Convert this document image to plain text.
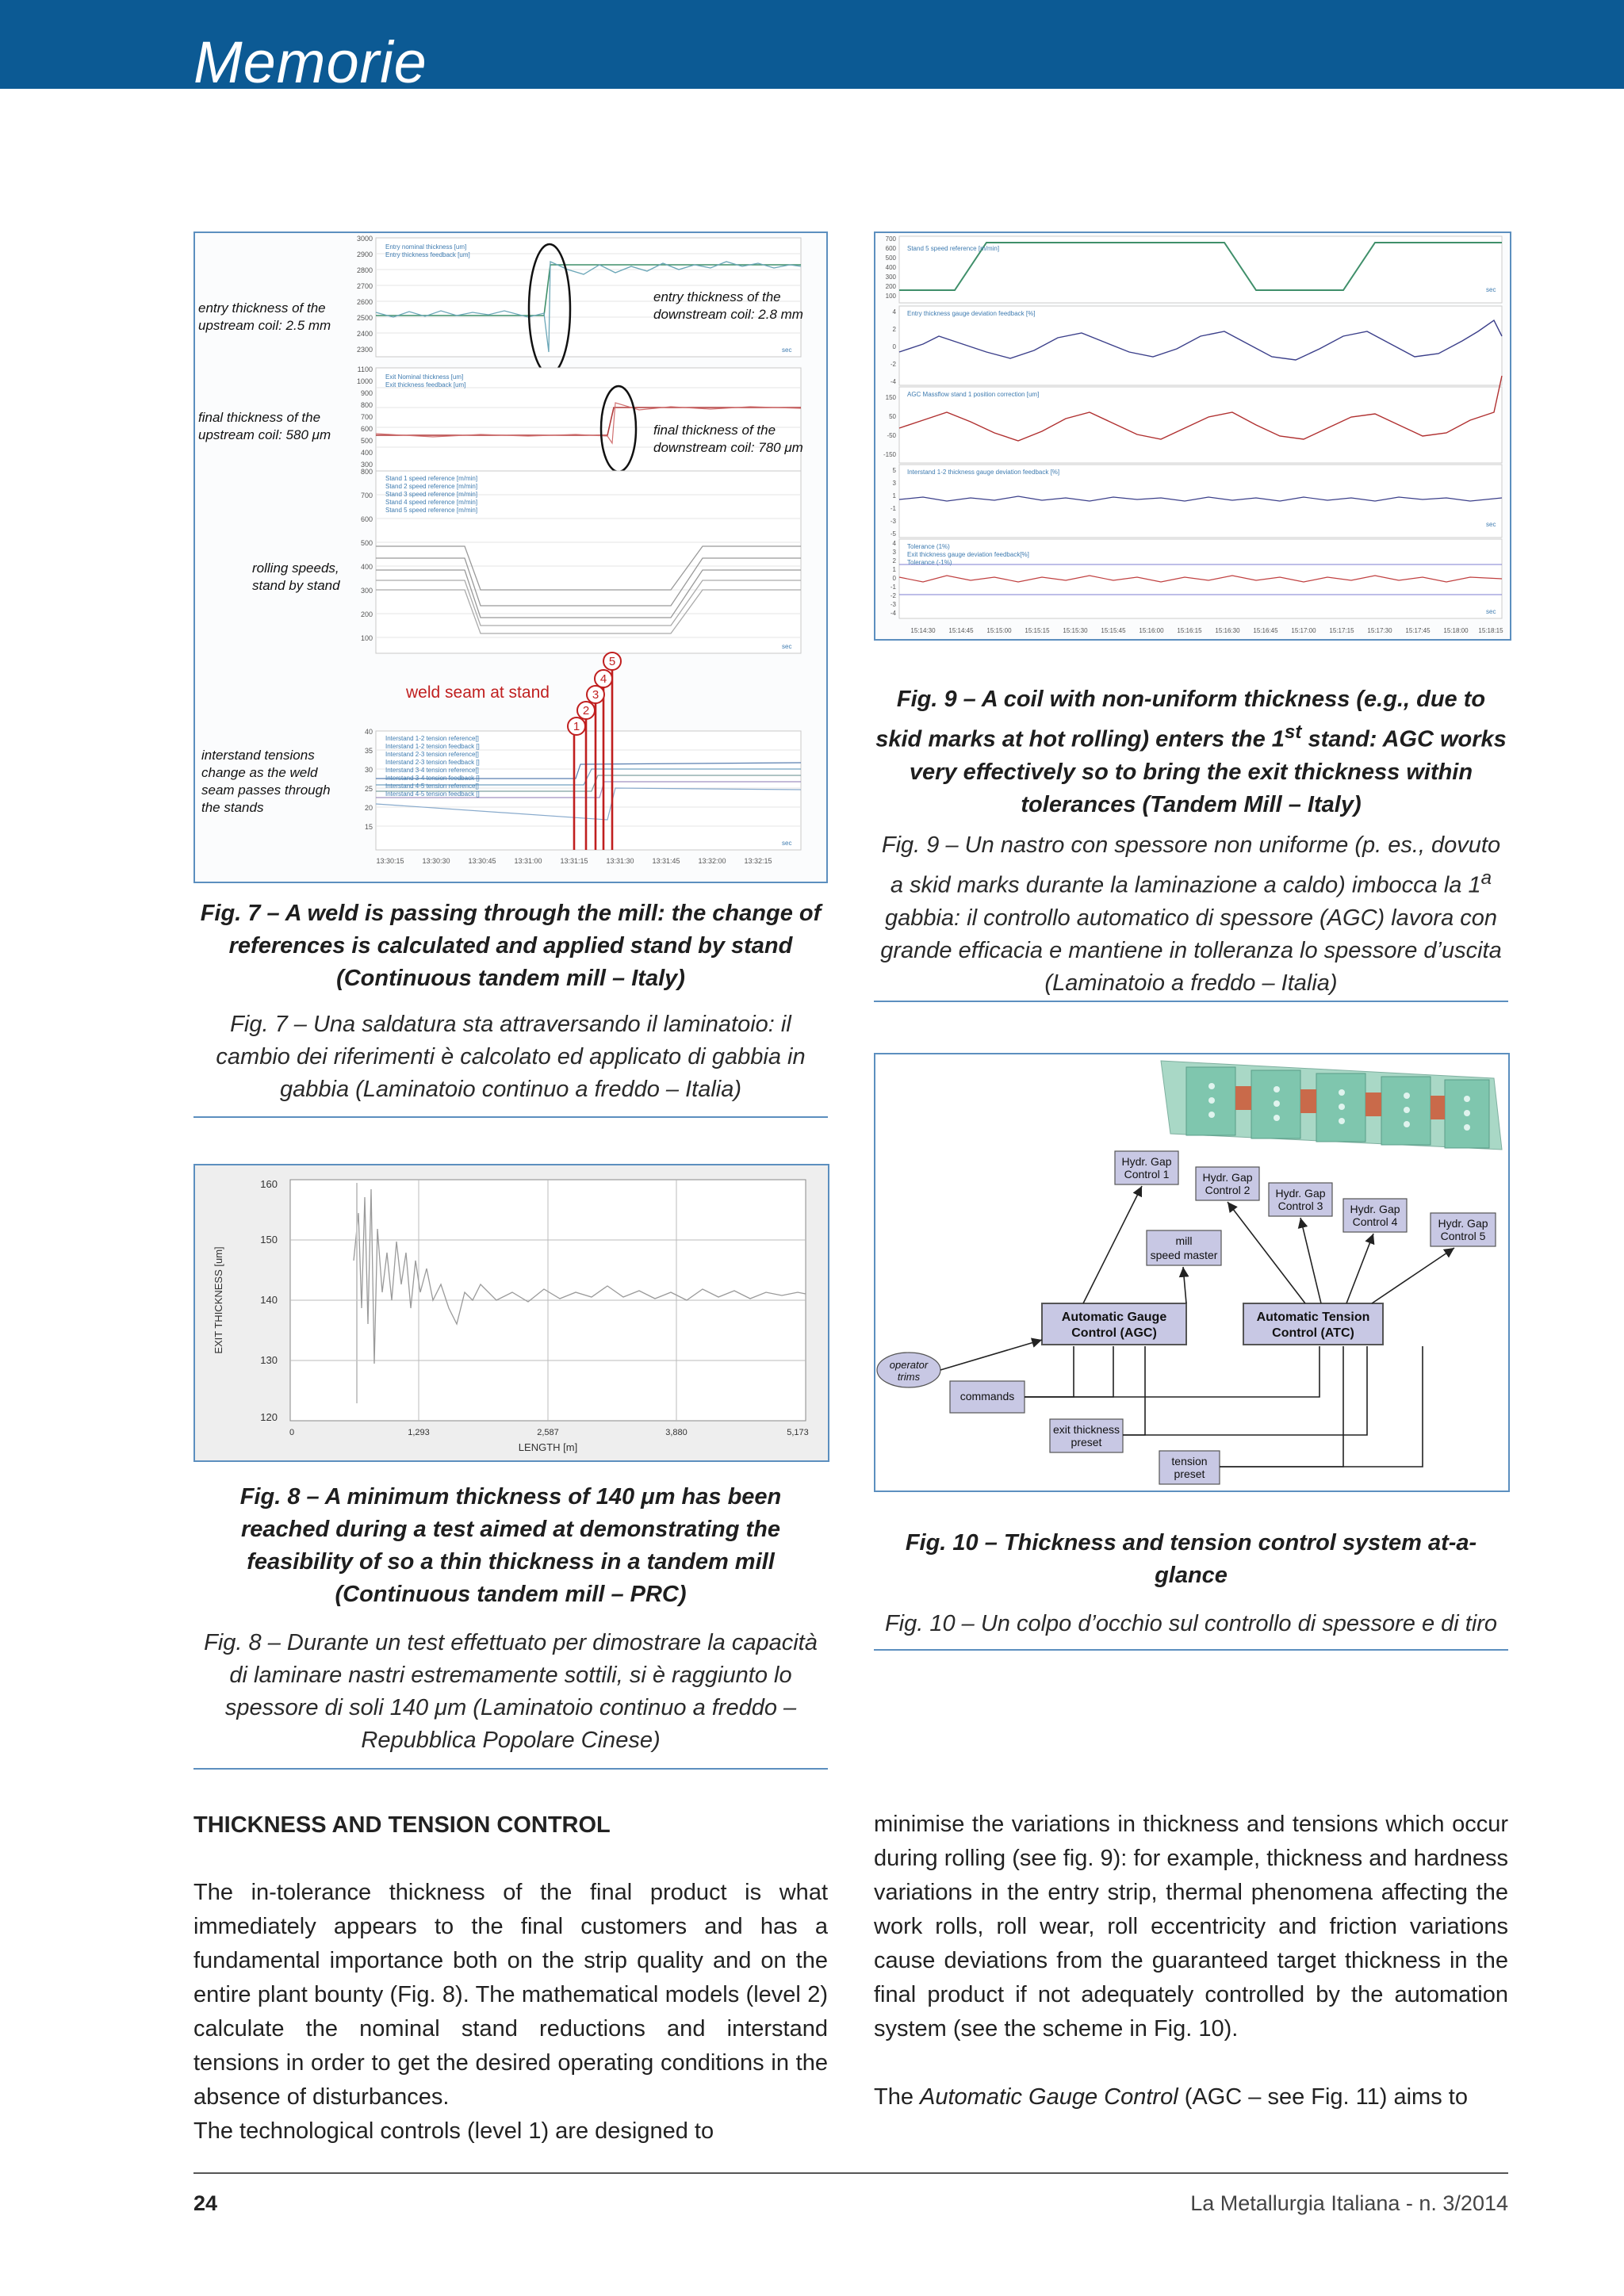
Memorie
2
3
4
5
1
3000
2900
2800
2700
2600
2500
2400
2300
1100
1000
900
800
700
600
500
400
300
800
700
600
500
400
300
200
100
40
35
30
25
20
15
Entry nominal thickness [um]
Entry thickness feedback [um]
Exit Nominal thickness [um]
Exit thickness feedback [um]
Stand 1 speed reference [m/min]
Stand 2 speed reference [m/min]
Stand 3 speed reference [m/min]
Stand 4 speed reference [m/min]
Stand 5 speed reference [m/min]
Interstand 1-2 tension reference[]
Interstand 1-2 tension feedback []
Interstand 2-3 tension reference[]
Interstand 2-3 tension feedback []
Interstand 3-4 tension reference[]
Interstand 3-4 tension feedback []
Interstand 4-5 tension reference[]
Interstand 4-5 tension feedback []
sec
sec
sec
13:30:15	13:30:30	13:30:45	13:31:00	13:31:15	13:31:30	13:31:45	13:32:00	13:32:15
entry thickness of the
upstream coil: 2.5 mm
entry thickness of the
downstream coil: 2.8 mm
final thickness of the
upstream coil: 580 μm	final thickness of the
downstream coil: 780 μm
rolling speeds,
stand by stand
interstand tensions
change as the weld
seam passes through
the stands
weld seam at stand
Fig. 7 – A weld is passing through the mill: the change of references is calculated and applied stand by stand (Continuous tandem mill – Italy)
Fig. 7 – Una saldatura sta attraversando il laminatoio: il cambio dei riferimenti è calcolato ed applicato di gabbia in gabbia (Laminatoio continuo a freddo – Italia)
Stand 5 speed reference [m/min]
Entry thickness gauge deviation feedback [%]
AGC Massflow stand 1 position correction [um]
Interstand 1-2 thickness gauge deviation feedback [%]
Tolerance (1%)
Exit thickness gauge deviation feedback[%]
Tolerance (-1%)
700
600
500
400
300
200
100
4
2
0
-2
-4
150
50
-50
-150
5
3
1
-1
-3
-5
4
3
2
1
0
-1
-2
-3
-4
sec
sec
sec
15:14:30 15:14:45 15:15:00 15:15:15 15:15:30 15:15:45 15:16:00 15:16:15 15:16:30 15:16:45 15:17:00 15:17:15 15:17:30 15:17:45 15:18:00 15:18:15
Fig. 9 – A coil with non-uniform thickness (e.g., due to skid marks at hot rolling) enters the 1st stand: AGC works very effectively so to bring the exit thickness within tolerances (Tandem Mill – Italy)
Fig. 9 – Un nastro con spessore non uniforme (p. es., dovuto a skid marks durante la laminazione a caldo) imbocca la 1$^a$ gabbia: il controllo automatico di spessore (AGC) lavora con grande efficacia e mantiene in tolleranza lo spessore d’uscita (Laminatoio a freddo – Italia)
EXIT THICKNESS [um]
160
150
140
130
120
0	1,293	2,587	3,880	5,173
LENGTH [m]
Fig. 8 – A minimum thickness of 140 μm has been reached during a test aimed at demonstrating the feasibility of so a thin thickness in a tandem mill (Continuous tandem mill – PRC)
Fig. 8 – Durante un test effettuato per dimostrare la capacità di laminare nastri estremamente sottili, si è raggiunto lo spessore di soli 140 μm (Laminatoio continuo a freddo – Repubblica Popolare Cinese)
Hydr. Gap
Control 1	Hydr. Gap
Control 2 Hydr. Gap
Control 3 Hydr. Gap
Control 4	Hydr. Gap
Control 5
mill
speed master
commands
exit thickness
preset
tension
preset
Automatic Gauge
Control (AGC)
Automatic Tension
Control (ATC)
operator
trims
Fig. 10 – Thickness and tension control system at-a-glance
Fig. 10 – Un colpo d’occhio sul controllo di spessore e di tiro
THICKNESS AND TENSION CONTROL

The in-tolerance thickness of the final product is what immediately appears to the final customers and has a fundamental importance both on the strip quality and on the entire plant bounty (Fig. 8). The mathematical models (level 2) calculate the nominal stand reductions and interstand tensions in order to get the desired operating conditions in the absence of disturbances.

The technological controls (level 1) are designed to

minimise the variations in thickness and tensions which occur during rolling (see fig. 9): for example, thickness and hardness variations in the entry strip, thermal phenomena affecting the work rolls, roll wear, roll eccentricity and friction variations cause deviations from the guaranteed target thickness in the final product if not adequately controlled by the automation system (see the scheme in Fig. 10).

The Automatic Gauge Control (AGC – see Fig. 11) aims to

24	La Metallurgia Italiana - n. 3/2014
